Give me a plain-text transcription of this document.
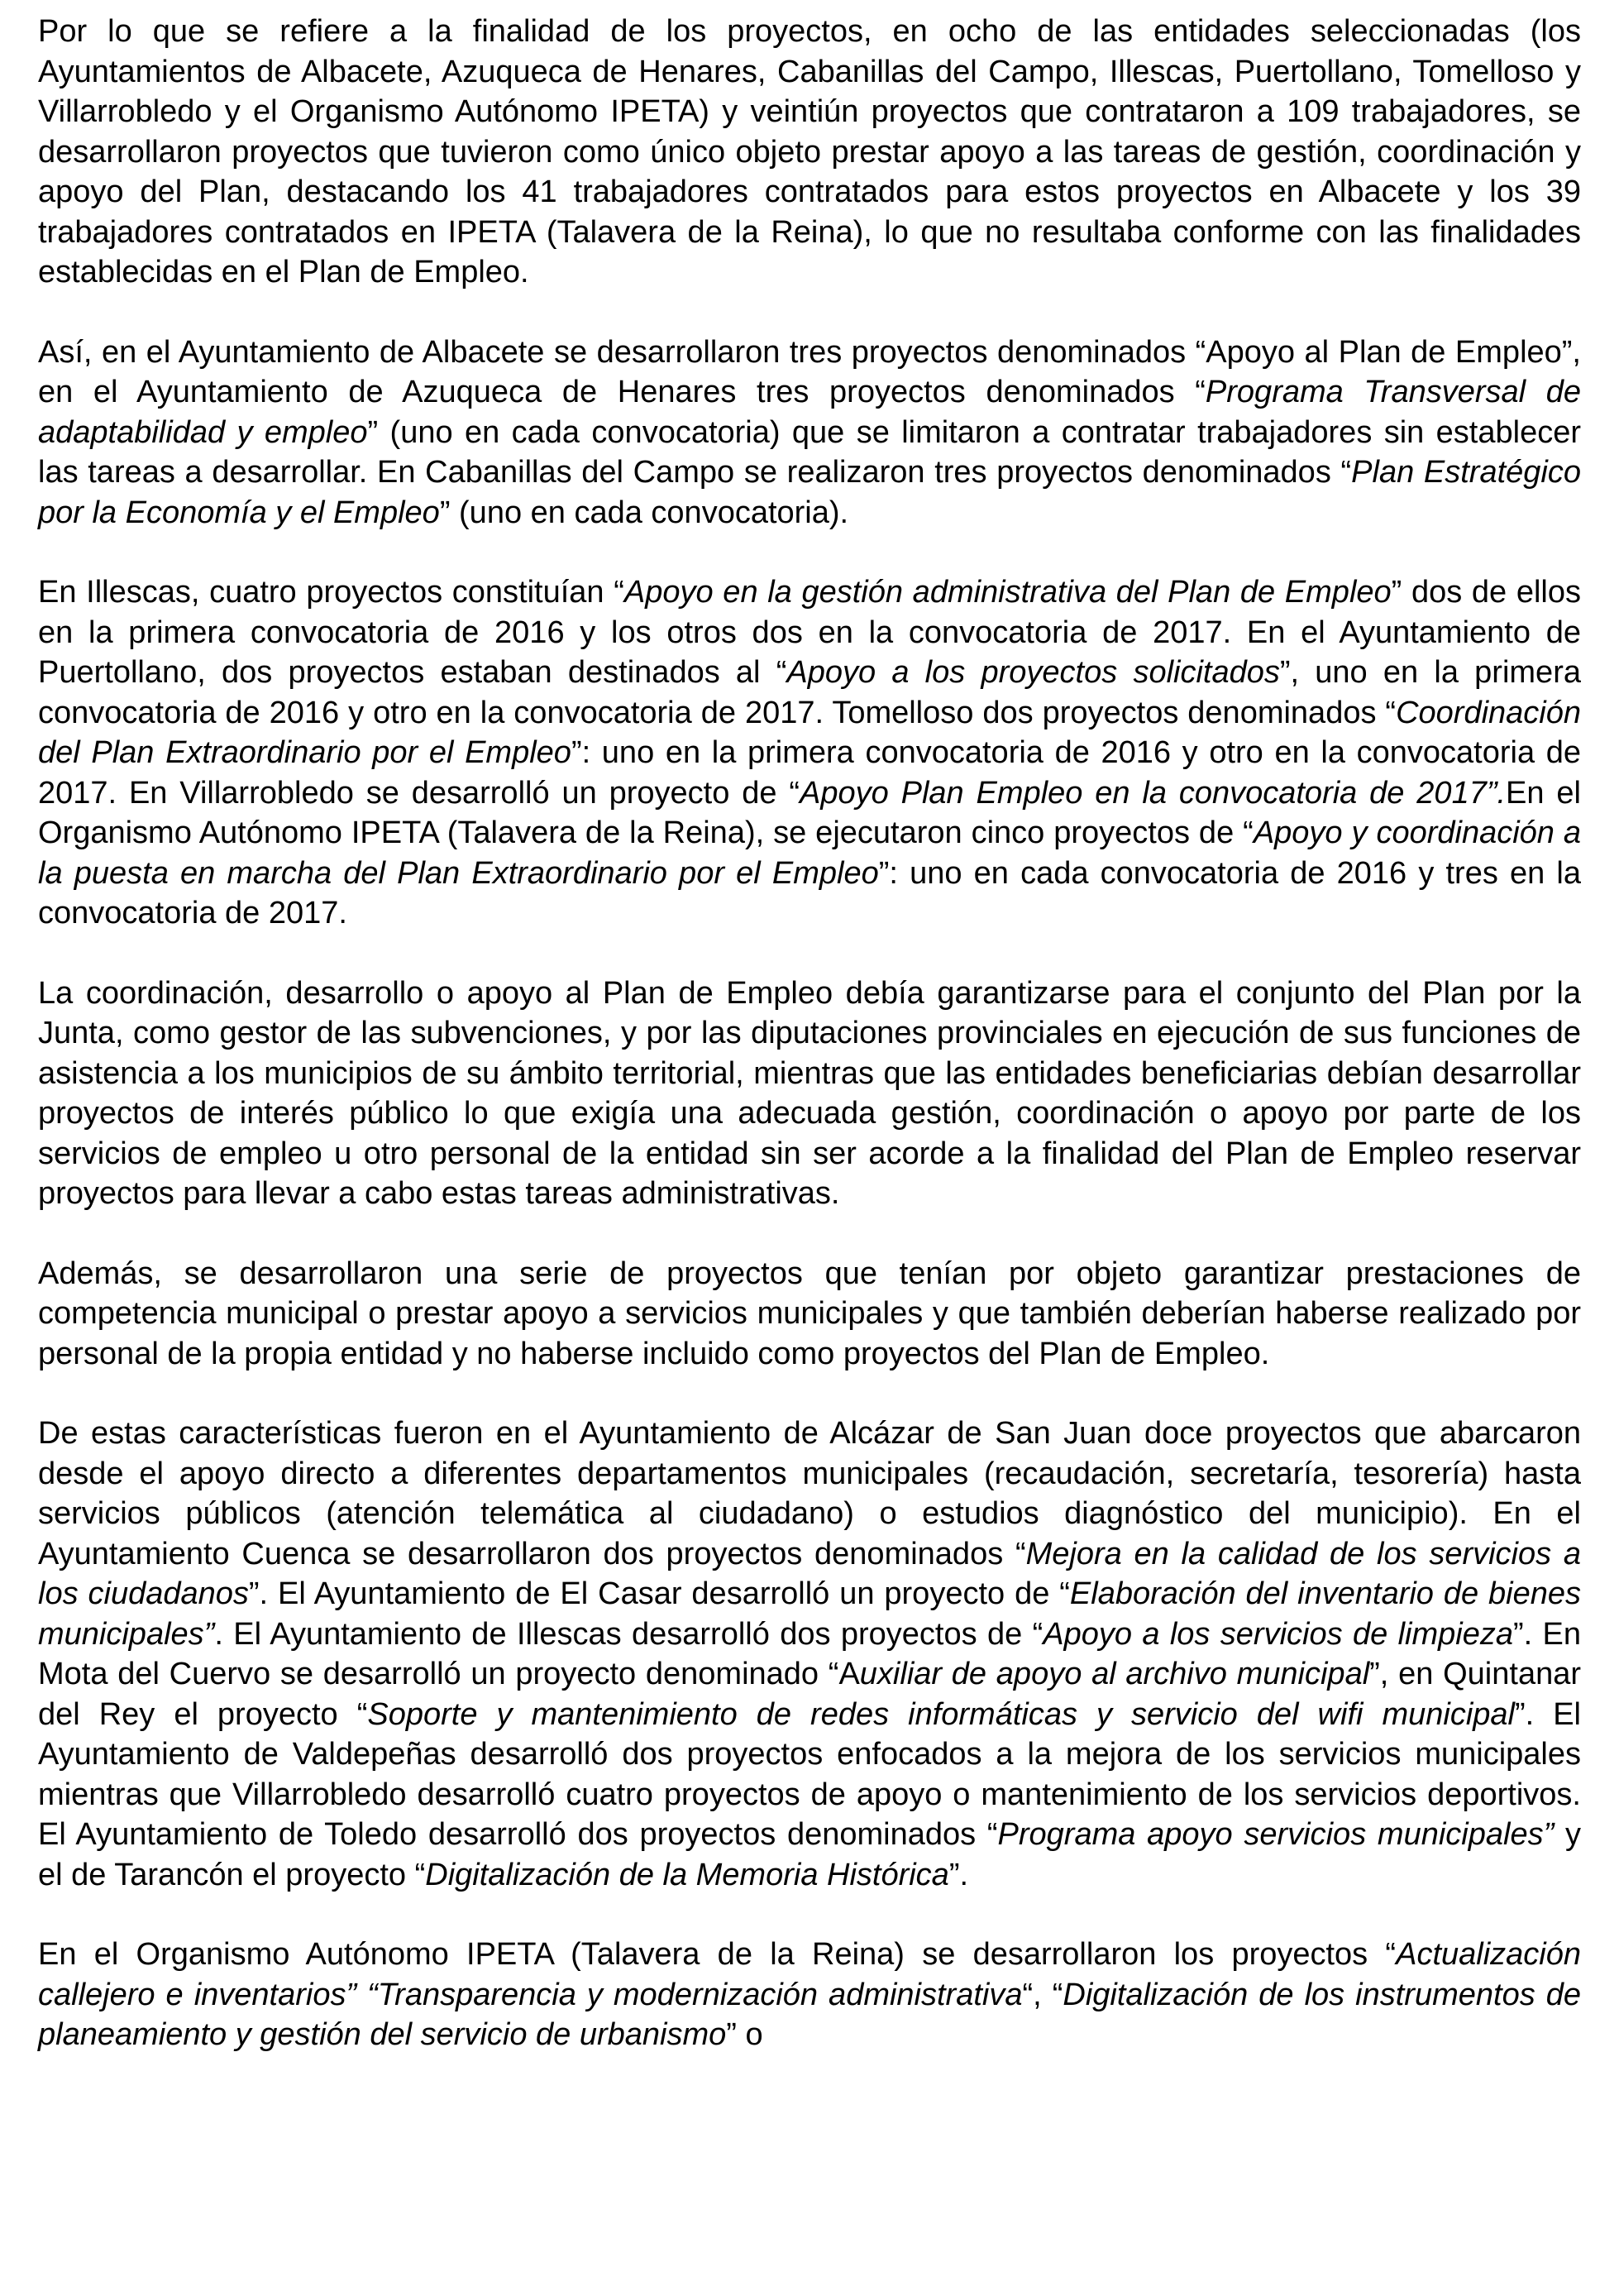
Por lo que se refiere a la finalidad de los proyectos, en ocho de las entidades seleccionadas (los Ayuntamientos de Albacete, Azuqueca de Henares, Cabanillas del Campo, Illescas, Puertollano, Tomelloso y Villarrobledo y el Organismo Autónomo IPETA) y veintiún proyectos que contrataron a 109 trabajadores, se desarrollaron proyectos que tuvieron como único objeto prestar apoyo a las tareas de gestión, coordinación y apoyo del Plan, destacando los 41 trabajadores contratados para estos proyectos en Albacete y los 39 trabajadores contratados en IPETA (Talavera de la Reina), lo que no resultaba conforme con las finalidades establecidas en el Plan de Empleo.

Así, en el Ayuntamiento de Albacete se desarrollaron tres proyectos denominados “Apoyo al Plan de Empleo”, en el Ayuntamiento de Azuqueca de Henares tres proyectos denominados “Programa Transversal de adaptabilidad y empleo” (uno en cada convocatoria) que se limitaron a contratar trabajadores sin establecer las tareas a desarrollar. En Cabanillas del Campo se realizaron tres proyectos denominados “Plan Estratégico por la Economía y el Empleo” (uno en cada convocatoria).

En Illescas, cuatro proyectos constituían “Apoyo en la gestión administrativa del Plan de Empleo” dos de ellos en la primera convocatoria de 2016 y los otros dos en la convocatoria de 2017. En el Ayuntamiento de Puertollano, dos proyectos estaban destinados al “Apoyo a los proyectos solicitados”, uno en la primera convocatoria de 2016 y otro en la convocatoria de 2017. Tomelloso dos proyectos denominados “Coordinación del Plan Extraordinario por el Empleo”: uno en la primera convocatoria de 2016 y otro en la convocatoria de 2017. En Villarrobledo se desarrolló un proyecto de “Apoyo Plan Empleo en la convocatoria de 2017”.En el Organismo Autónomo IPETA (Talavera de la Reina), se ejecutaron cinco proyectos de “Apoyo y coordinación a la puesta en marcha del Plan Extraordinario por el Empleo”: uno en cada convocatoria de 2016 y tres en la convocatoria de 2017.

La coordinación, desarrollo o apoyo al Plan de Empleo debía garantizarse para el conjunto del Plan por la Junta, como gestor de las subvenciones, y por las diputaciones provinciales en ejecución de sus funciones de asistencia a los municipios de su ámbito territorial, mientras que las entidades beneficiarias debían desarrollar proyectos de interés público lo que exigía una adecuada gestión, coordinación o apoyo por parte de los servicios de empleo u otro personal de la entidad sin ser acorde a la finalidad del Plan de Empleo reservar proyectos para llevar a cabo estas tareas administrativas.

Además, se desarrollaron una serie de proyectos que tenían por objeto garantizar prestaciones de competencia municipal o prestar apoyo a servicios municipales y que también deberían haberse realizado por personal de la propia entidad y no haberse incluido como proyectos del Plan de Empleo.

De estas características fueron en el Ayuntamiento de Alcázar de San Juan doce proyectos que abarcaron desde el apoyo directo a diferentes departamentos municipales (recaudación, secretaría, tesorería) hasta servicios públicos (atención telemática al ciudadano) o estudios diagnóstico del municipio). En el Ayuntamiento Cuenca se desarrollaron dos proyectos denominados “Mejora en la calidad de los servicios a los ciudadanos”. El Ayuntamiento de El Casar desarrolló un proyecto de “Elaboración del inventario de bienes municipales”. El Ayuntamiento de Illescas desarrolló dos proyectos de “Apoyo a los servicios de limpieza”. En Mota del Cuervo se desarrolló un proyecto denominado “Auxiliar de apoyo al archivo municipal”, en Quintanar del Rey el proyecto “Soporte y mantenimiento de redes informáticas y servicio del wifi municipal”. El Ayuntamiento de Valdepeñas desarrolló dos proyectos enfocados a la mejora de los servicios municipales mientras que Villarrobledo desarrolló cuatro proyectos de apoyo o mantenimiento de los servicios deportivos. El Ayuntamiento de Toledo desarrolló dos proyectos denominados “Programa apoyo servicios municipales” y el de Tarancón el proyecto “Digitalización de la Memoria Histórica”.

En el Organismo Autónomo IPETA (Talavera de la Reina) se desarrollaron los proyectos “Actualización callejero e inventarios” “Transparencia y modernización administrativa“, “Digitalización de los instrumentos de planeamiento y gestión del servicio de urbanismo” o
